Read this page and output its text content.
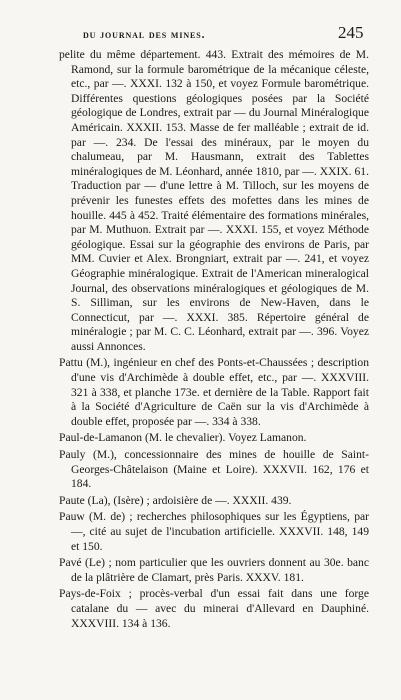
du journal des mines.	245

pelite du même département. 443. Extrait des mémoires de M. Ramond, sur la formule barométrique de la mécanique céleste, etc., par —. XXXI. 132 à 150, et voyez Formule barométrique. Différentes questions géologiques posées par la Société géologique de Londres, extrait par — du Journal Minéralogique Américain. XXXII. 153. Masse de fer malléable ; extrait de id. par —. 234. De l'essai des minéraux, par le moyen du chalumeau, par M. Hausmann, extrait des Tablettes minéralogiques de M. Léonhard, année 1810, par —. XXIX. 61. Traduction par — d'une lettre à M. Tilloch, sur les moyens de prévenir les funestes effets des mofettes dans les mines de houille. 445 à 452. Traité élémentaire des formations minérales, par M. Muthuon. Extrait par —. XXXI. 155, et voyez Méthode géologique. Essai sur la géographie des environs de Paris, par MM. Cuvier et Alex. Brongniart, extrait par —. 241, et voyez Géographie minéralogique. Extrait de l'American mineralogical Journal, des observations minéralogiques et géologiques de M. S. Silliman, sur les environs de New-Haven, dans le Connecticut, par —. XXXI. 385. Répertoire général de minéralogie ; par M. C. C. Léonhard, extrait par —. 396. Voyez aussi Annonces.

Pattu (M.), ingénieur en chef des Ponts-et-Chaussées ; description d'une vis d'Archimède à double effet, etc., par —. XXXVIII. 321 à 338, et planche 173e. et dernière de la Table. Rapport fait à la Société d'Agriculture de Caën sur la vis d'Archimède à double effet, proposée par —. 334 à 338.

Paul-de-Lamanon (M. le chevalier). Voyez Lamanon.

Pauly (M.), concessionnaire des mines de houille de Saint-Georges-Châtelaison (Maine et Loire). XXXVII. 162, 176 et 184.

Paute (La), (Isère) ; ardoisière de —. XXXII. 439.

Pauw (M. de) ; recherches philosophiques sur les Égyptiens, par —, cité au sujet de l'incubation artificielle. XXXVII. 148, 149 et 150.

Pavé (Le) ; nom particulier que les ouvriers donnent au 30e. banc de la plâtrière de Clamart, près Paris. XXXV. 181.

Pays-de-Foix ; procès-verbal d'un essai fait dans une forge catalane du — avec du minerai d'Allevard en Dauphiné. XXXVIII. 134 à 136.
